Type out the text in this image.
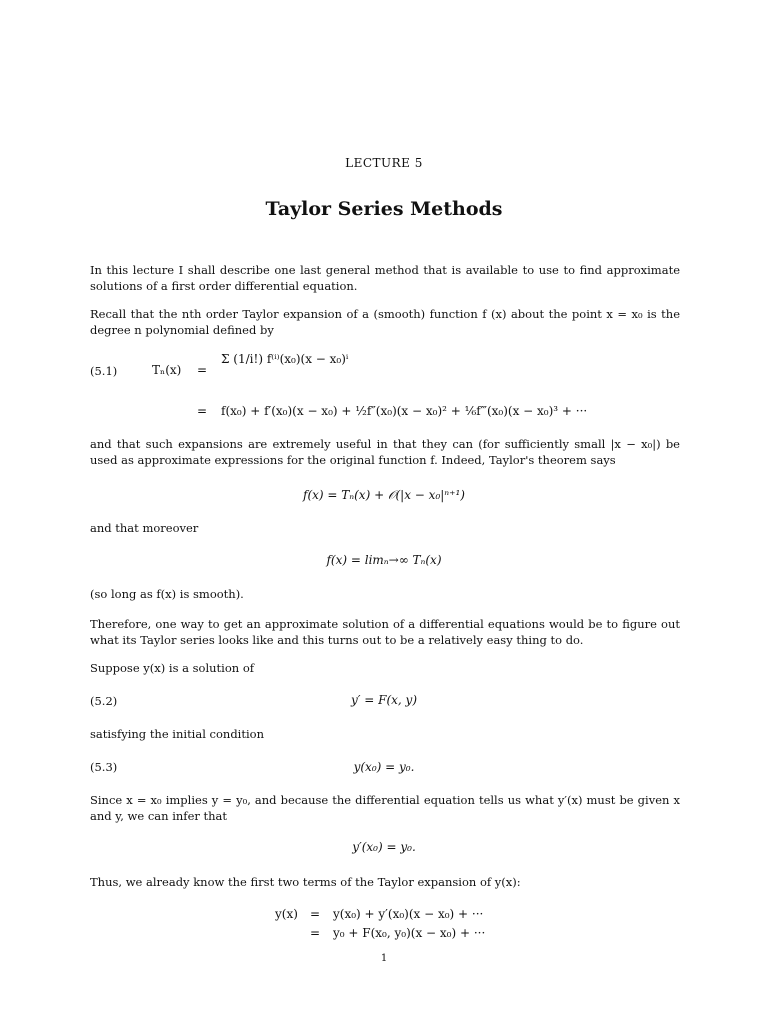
LECTURE 5
Taylor Series Methods
In this lecture I shall describe one last general method that is available to use to find approximate solutions of a first order differential equation.
Recall that the nth order Taylor expansion of a (smooth) function f (x) about the point x = x₀ is the degree n polynomial defined by
(5.1)	Tₙ(x) =
Σ (1/i!) f⁽ⁱ⁾(x₀)(x − x₀)ⁱ
= f(x₀) + f′(x₀)(x − x₀) + ½f″(x₀)(x − x₀)² + ⅙f‴(x₀)(x − x₀)³ + ···
and that such expansions are extremely useful in that they can (for sufficiently small |x − x₀|) be used as approximate expressions for the original function f. Indeed, Taylor's theorem says
f(x) = Tₙ(x) + 𝒪(|x − x₀|ⁿ⁺¹)
and that moreover
f(x) = limₙ→∞ Tₙ(x)
(so long as f(x) is smooth).
Therefore, one way to get an approximate solution of a differential equations would be to figure out what its Taylor series looks like and this turns out to be a relatively easy thing to do.
Suppose y(x) is a solution of
(5.2)	y′ = F(x, y)
satisfying the initial condition
(5.3)	y(x₀) = y₀.
Since x = x₀ implies y = y₀, and because the differential equation tells us what y′(x) must be given x and y, we can infer that
y′(x₀) = y₀.
Thus, we already know the first two terms of the Taylor expansion of y(x):
y(x) = y(x₀) + y′(x₀)(x − x₀) + ···
= y₀ + F(x₀, y₀)(x − x₀) + ···
1
